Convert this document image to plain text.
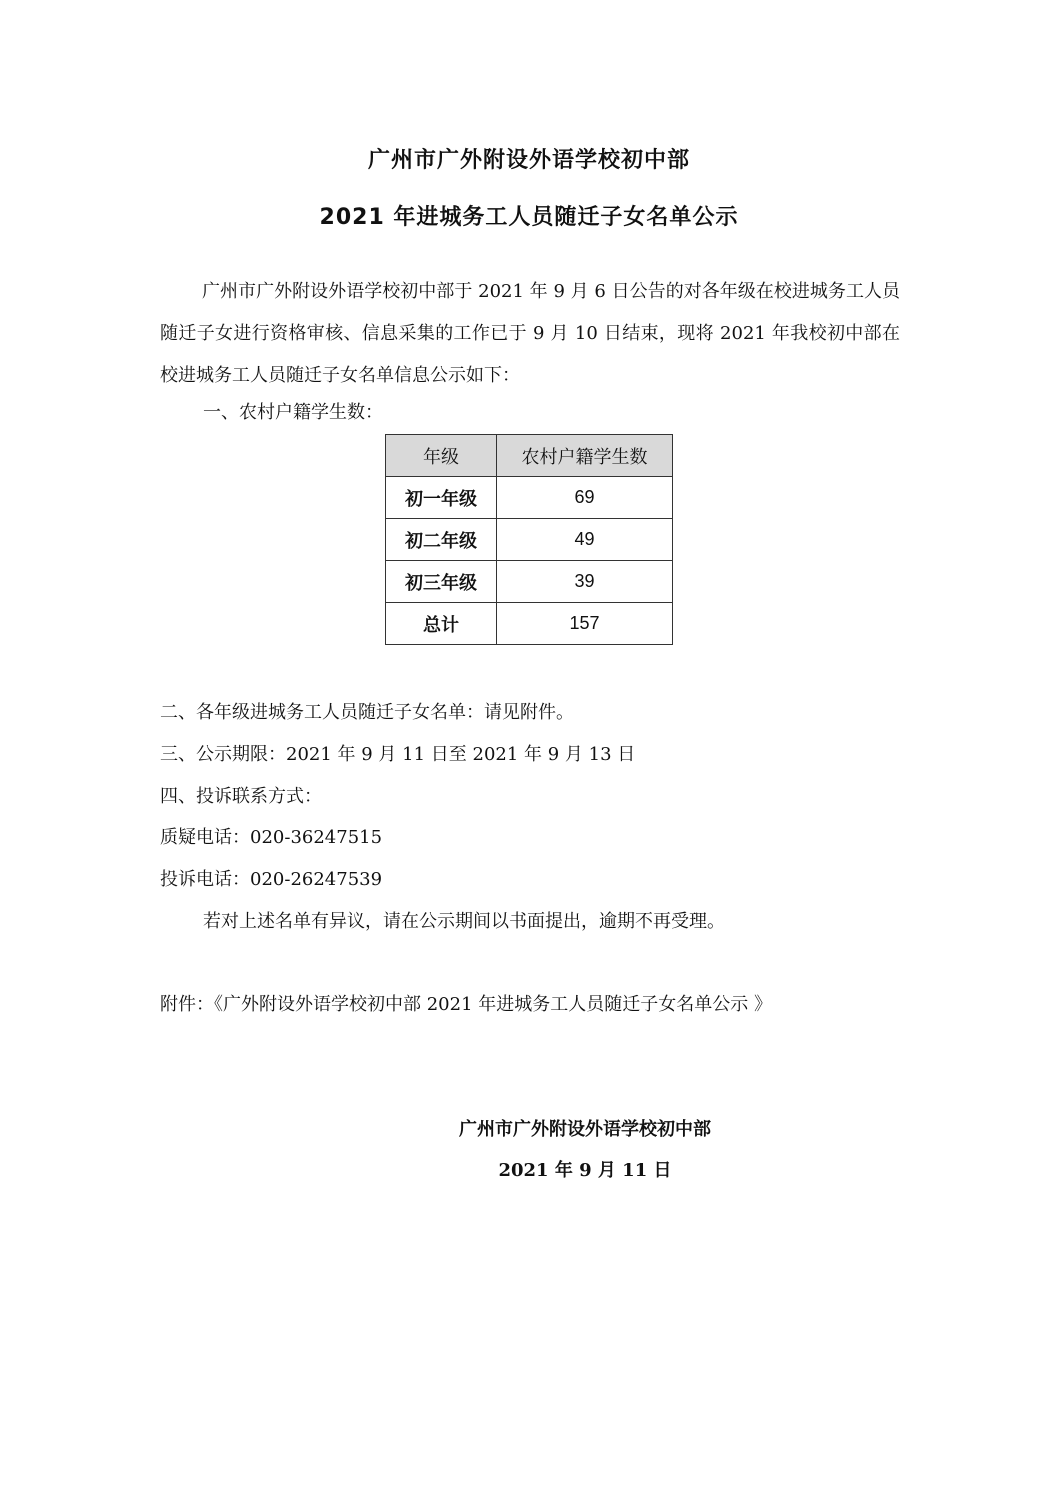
广州市广外附设外语学校初中部
2021 年进城务工人员随迁子女名单公示
广州市广外附设外语学校初中部于 2021 年 9 月 6 日公告的对各年级在校进城务工人员随迁子女进行资格审核、信息采集的工作已于 9 月 10 日结束，现将 2021 年我校初中部在校进城务工人员随迁子女名单信息公示如下：
一、农村户籍学生数：
年级	农村户籍学生数
初一年级	69
初二年级	49
初三年级	39
总计	157
二、各年级进城务工人员随迁子女名单：请见附件。
三、公示期限：2021 年 9 月 11 日至 2021 年 9 月 13 日
四、投诉联系方式：
质疑电话：020-36247515
投诉电话：020-26247539
若对上述名单有异议，请在公示期间以书面提出，逾期不再受理。
附件：《广外附设外语学校初中部 2021 年进城务工人员随迁子女名单公示 》
广州市广外附设外语学校初中部
2021 年 9 月 11 日
